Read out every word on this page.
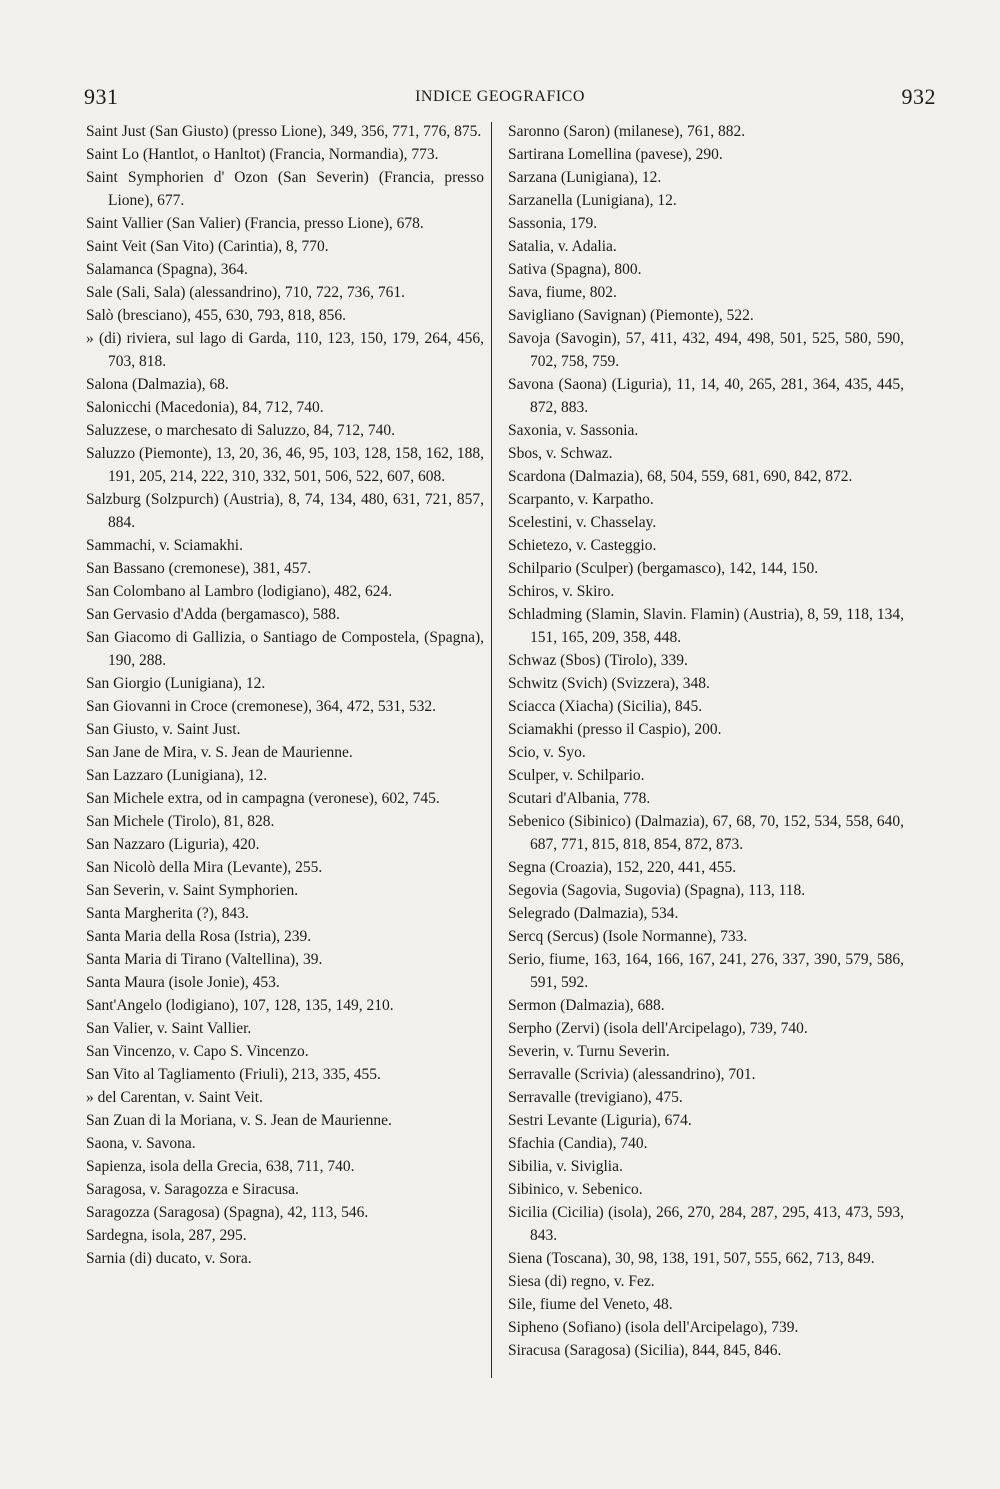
931	INDICE GEOGRAFICO	932
Saint Just (San Giusto) (presso Lione), 349, 356, 771, 776, 875.
Saint Lo (Hantlot, o Hanltot) (Francia, Normandia), 773.
Saint Symphorien d' Ozon (San Severin) (Francia, presso Lione), 677.
Saint Vallier (San Valier) (Francia, presso Lione), 678.
Saint Veit (San Vito) (Carintia), 8, 770.
Salamanca (Spagna), 364.
Sale (Sali, Sala) (alessandrino), 710, 722, 736, 761.
Salò (bresciano), 455, 630, 793, 818, 856.
» (di) riviera, sul lago di Garda, 110, 123, 150, 179, 264, 456, 703, 818.
Salona (Dalmazia), 68.
Salonicchi (Macedonia), 84, 712, 740.
Saluzzese, o marchesato di Saluzzo, 84, 712, 740.
Saluzzo (Piemonte), 13, 20, 36, 46, 95, 103, 128, 158, 162, 188, 191, 205, 214, 222, 310, 332, 501, 506, 522, 607, 608.
Salzburg (Solzpurch) (Austria), 8, 74, 134, 480, 631, 721, 857, 884.
Sammachi, v. Sciamakhi.
San Bassano (cremonese), 381, 457.
San Colombano al Lambro (lodigiano), 482, 624.
San Gervasio d'Adda (bergamasco), 588.
San Giacomo di Gallizia, o Santiago de Compostela, (Spagna), 190, 288.
San Giorgio (Lunigiana), 12.
San Giovanni in Croce (cremonese), 364, 472, 531, 532.
San Giusto, v. Saint Just.
San Jane de Mira, v. S. Jean de Maurienne.
San Lazzaro (Lunigiana), 12.
San Michele extra, od in campagna (veronese), 602, 745.
San Michele (Tirolo), 81, 828.
San Nazzaro (Liguria), 420.
San Nicolò della Mira (Levante), 255.
San Severin, v. Saint Symphorien.
Santa Margherita (?), 843.
Santa Maria della Rosa (Istria), 239.
Santa Maria di Tirano (Valtellina), 39.
Santa Maura (isole Jonie), 453.
Sant'Angelo (lodigiano), 107, 128, 135, 149, 210.
San Valier, v. Saint Vallier.
San Vincenzo, v. Capo S. Vincenzo.
San Vito al Tagliamento (Friuli), 213, 335, 455.
» del Carentan, v. Saint Veit.
San Zuan di la Moriana, v. S. Jean de Maurienne.
Saona, v. Savona.
Sapienza, isola della Grecia, 638, 711, 740.
Saragosa, v. Saragozza e Siracusa.
Saragozza (Saragosa) (Spagna), 42, 113, 546.
Sardegna, isola, 287, 295.
Sarnia (di) ducato, v. Sora.
Saronno (Saron) (milanese), 761, 882.
Sartirana Lomellina (pavese), 290.
Sarzana (Lunigiana), 12.
Sarzanella (Lunigiana), 12.
Sassonia, 179.
Satalia, v. Adalia.
Sativa (Spagna), 800.
Sava, fiume, 802.
Savigliano (Savignan) (Piemonte), 522.
Savoja (Savogin), 57, 411, 432, 494, 498, 501, 525, 580, 590, 702, 758, 759.
Savona (Saona) (Liguria), 11, 14, 40, 265, 281, 364, 435, 445, 872, 883.
Saxonia, v. Sassonia.
Sbos, v. Schwaz.
Scardona (Dalmazia), 68, 504, 559, 681, 690, 842, 872.
Scarpanto, v. Karpatho.
Scelestini, v. Chasselay.
Schietezo, v. Casteggio.
Schilpario (Sculper) (bergamasco), 142, 144, 150.
Schiros, v. Skiro.
Schladming (Slamin, Slavin. Flamin) (Austria), 8, 59, 118, 134, 151, 165, 209, 358, 448.
Schwaz (Sbos) (Tirolo), 339.
Schwitz (Svich) (Svizzera), 348.
Sciacca (Xiacha) (Sicilia), 845.
Sciamakhi (presso il Caspio), 200.
Scio, v. Syo.
Sculper, v. Schilpario.
Scutari d'Albania, 778.
Sebenico (Sibinico) (Dalmazia), 67, 68, 70, 152, 534, 558, 640, 687, 771, 815, 818, 854, 872, 873.
Segna (Croazia), 152, 220, 441, 455.
Segovia (Sagovia, Sugovia) (Spagna), 113, 118.
Selegrado (Dalmazia), 534.
Sercq (Sercus) (Isole Normanne), 733.
Serio, fiume, 163, 164, 166, 167, 241, 276, 337, 390, 579, 586, 591, 592.
Sermon (Dalmazia), 688.
Serpho (Zervi) (isola dell'Arcipelago), 739, 740.
Severin, v. Turnu Severin.
Serravalle (Scrivia) (alessandrino), 701.
Serravalle (trevigiano), 475.
Sestri Levante (Liguria), 674.
Sfachia (Candia), 740.
Sibilia, v. Siviglia.
Sibinico, v. Sebenico.
Sicilia (Cicilia) (isola), 266, 270, 284, 287, 295, 413, 473, 593, 843.
Siena (Toscana), 30, 98, 138, 191, 507, 555, 662, 713, 849.
Siesa (di) regno, v. Fez.
Sile, fiume del Veneto, 48.
Sipheno (Sofiano) (isola dell'Arcipelago), 739.
Siracusa (Saragosa) (Sicilia), 844, 845, 846.
